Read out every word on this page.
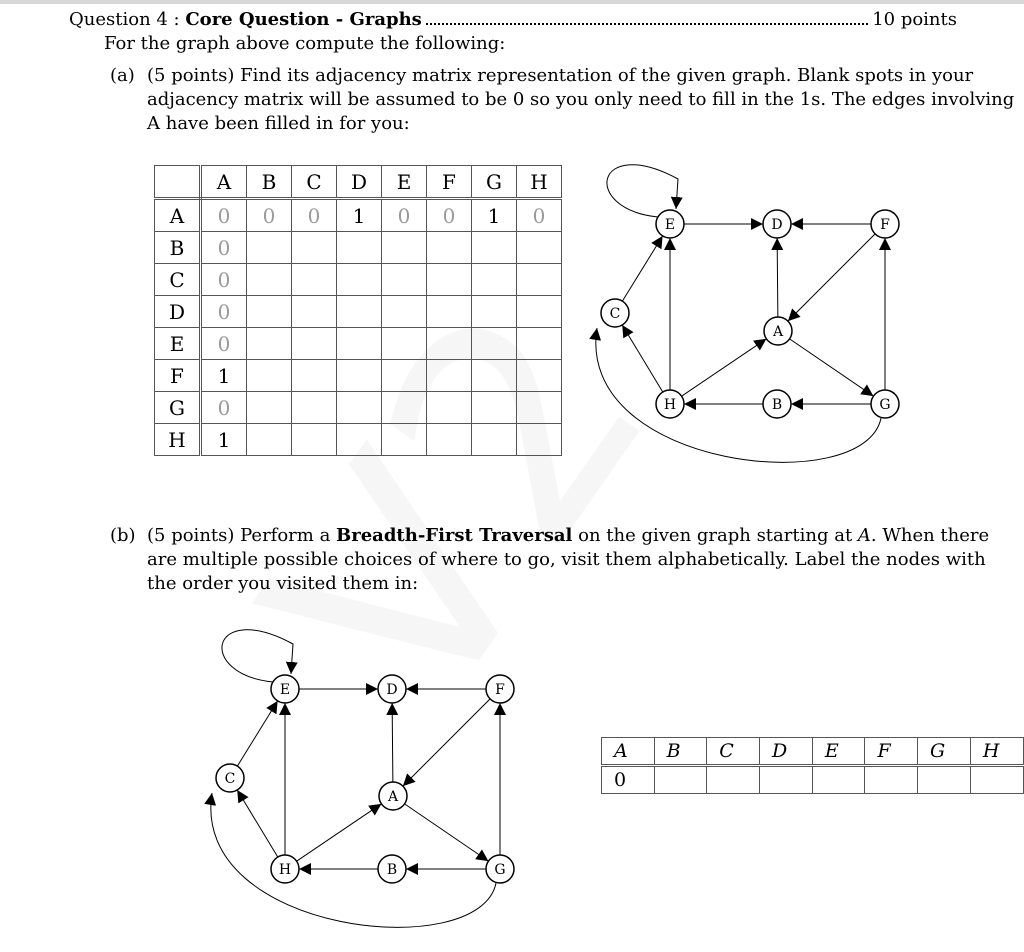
Question 4 :
Core Question - Graphs	10 points
For the graph above compute the following:
(a) (5 points) Find its adjacency matrix representation of the given graph. Blank spots in your
adjacency matrix will be assumed to be 0 so you only need to fill in the 1s. The edges involving
A have been filled in for you:
	A	B	C	D	E	F	G	H
A	0	0	0	1	0	0	1	0
B	0							
C	0							
D	0							
E	0							
F	1							
G	0							
H	1							
A
B
C
D
E	F
G
H
(b) (5 points) Perform a Breadth-First Traversal on the given graph starting at A. When there
are multiple possible choices of where to go, visit them alphabetically. Label the nodes with
the order you visited them in:
A
B
C
D
E	F
G
H
A	B	C	D	E	F	G	H
0							
